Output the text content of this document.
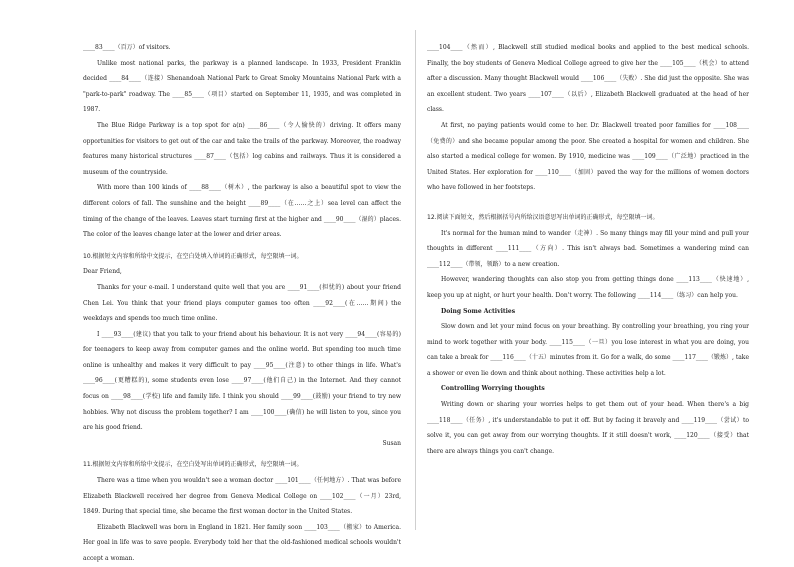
____83____（百万）of visitors.

Unlike most national parks, the parkway is a planned landscape. In 1933, President Franklin decided ____84____（连接）Shenandoah National Park to Great Smoky Mountains National Park with a "park-to-park" roadway. The ____85____（项目）started on September 11, 1935, and was completed in 1987.

The Blue Ridge Parkway is a top spot for a(n) ____86____（令人愉快的）driving. It offers many opportunities for visitors to get out of the car and take the trails of the parkway. Moreover, the roadway features many historical structures ____87____（包括）log cabins and railways. Thus it is considered a museum of the countryside.

With more than 100 kinds of ____88____（树木）, the parkway is also a beautiful spot to view the different colors of fall. The sunshine and the height ____89____（在……之上）sea level can affect the timing of the change of the leaves. Leaves start turning first at the higher and ____90____（湿的）places. The color of the leaves change later at the lower and drier areas.

10.根据短文内容和所给中文提示，在空白处填入单词的正确形式，每空限填一词。

Dear Friend,

Thanks for your e-mail. I understand quite well that you are ____91____(担忧的) about your friend Chen Lei. You think that your friend plays computer games too often ____92____(在……期间) the weekdays and spends too much time online.

I ____93____(建议) that you talk to your friend about his behaviour. It is not very ____94____(容易的) for teenagers to keep away from computer games and the online world. But spending too much time online is unhealthy and makes it very difficult to pay ____95____(注意) to other things in life. What's ____96____(更糟糕的), some students even lose ____97____(他们自己) in the Internet. And they cannot focus on ____98____(学校) life and family life. I think you should ____99____(鼓励) your friend to try new hobbies. Why not discuss the problem together? I am ____100____(确信) he will listen to you, since you are his good friend.

Susan

11.根据短文内容和所给中文提示，在空白处写出单词的正确形式，每空限填一词。

There was a time when you wouldn't see a woman doctor ____101____（任何地方）. That was before Elizabeth Blackwell received her degree from Geneva Medical College on ____102____（一月）23rd, 1849. During that special time, she became the first woman doctor in the United States.

Elizabeth Blackwell was born in England in 1821. Her family soon ____103____（搬家）to America. Her goal in life was to save people. Everybody told her that the old-fashioned medical schools wouldn't accept a woman.

____104____（然而）, Blackwell still studied medical books and applied to the best medical schools. Finally, the boy students of Geneva Medical College agreed to give her the ____105____（机会）to attend after a discussion. Many thought Blackwell would ____106____（失败）. She did just the opposite. She was an excellent student. Two years ____107____（以后）, Elizabeth Blackwell graduated at the head of her class.

At first, no paying patients would come to her. Dr. Blackwell treated poor families for ____108____（免费的）and she became popular among the poor. She created a hospital for women and children. She also started a medical college for women. By 1910, medicine was ____109____（广泛地）practiced in the United States. Her exploration for ____110____（加固）paved the way for the millions of women doctors who have followed in her footsteps.

12.阅读下面短文，然后根据括号内所给汉语意思写出单词的正确形式，每空限填一词。

It's normal for the human mind to wander（走神）. So many things may fill your mind and pull your thoughts in different ____111____（方向）. This isn't always bad. Sometimes a wandering mind can ____112____（带领，领路）to a new creation.

However, wandering thoughts can also stop you from getting things done ____113____（快速地）, keep you up at night, or hurt your health. Don't worry. The following ____114____（练习）can help you.

Doing Some Activities

Slow down and let your mind focus on your breathing. By controlling your breathing, you ring your mind to work together with your body. ____115____（一旦）you lose interest in what you are doing, you can take a break for ____116____（十五）minutes from it. Go for a walk, do some ____117____（锻炼）, take a shower or even lie down and think about nothing. These activities help a lot.

Controlling Worrying thoughts

Writing down or sharing your worries helps to get them out of your head. When there's a big ____118____（任务）, it's understandable to put it off. But by facing it bravely and ____119____（尝试）to solve it, you can get away from our worrying thoughts. If it still doesn't work, ____120____（接受）that there are always things you can't change.
